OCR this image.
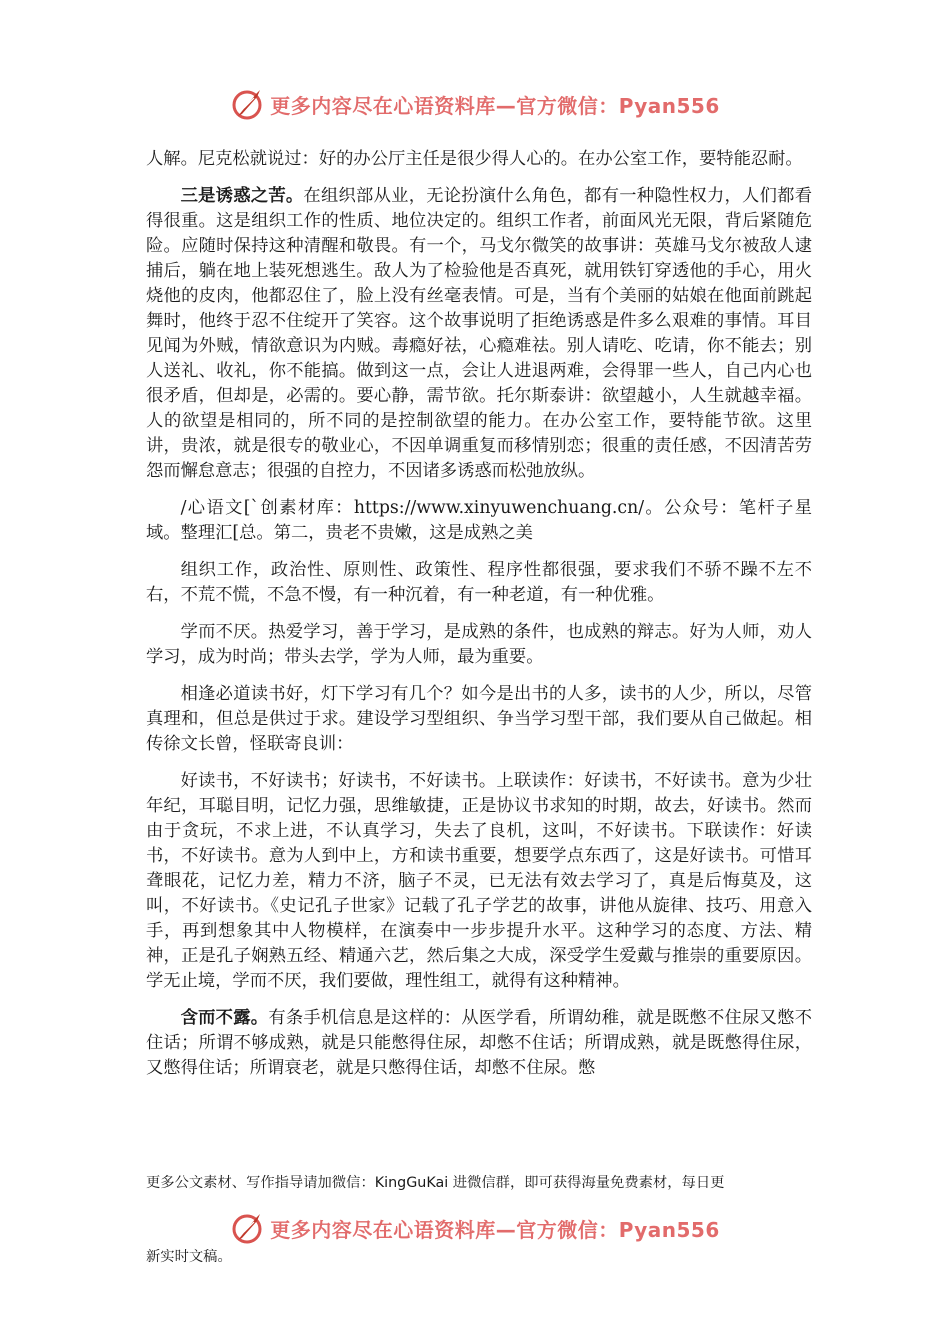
更多内容尽在心语资料库—官方微信：Pyan556

人解。尼克松就说过：好的办公厅主任是很少得人心的。在办公室工作，要特能忍耐。

三是诱惑之苦。在组织部从业，无论扮演什么角色，都有一种隐性权力，人们都看得很重。这是组织工作的性质、地位决定的。组织工作者，前面风光无限，背后紧随危险。应随时保持这种清醒和敬畏。有一个，马戈尔微笑的故事讲：英雄马戈尔被敌人逮捕后，躺在地上装死想逃生。敌人为了检验他是否真死，就用铁钉穿透他的手心，用火烧他的皮肉，他都忍住了，脸上没有丝毫表情。可是，当有个美丽的姑娘在他面前跳起舞时，他终于忍不住绽开了笑容。这个故事说明了拒绝诱惑是件多么艰难的事情。耳目见闻为外贼，情欲意识为内贼。毒瘾好祛，心瘾难祛。别人请吃、吃请，你不能去；别人送礼、收礼，你不能搞。做到这一点，会让人进退两难，会得罪一些人，自己内心也很矛盾，但却是，必需的。要心静，需节欲。托尔斯泰讲：欲望越小，人生就越幸福。人的欲望是相同的，所不同的是控制欲望的能力。在办公室工作，要特能节欲。这里讲，贵浓，就是很专的敬业心，不因单调重复而移情别恋；很重的责任感，不因清苦劳怨而懈怠意志；很强的自控力，不因诸多诱惑而松弛放纵。

/心语文[`创素材库：https://www.xinyuwenchuang.cn/。公众号：笔杆子星域。整理汇[总。第二，贵老不贵嫩，这是成熟之美

组织工作，政治性、原则性、政策性、程序性都很强，要求我们不骄不躁不左不右，不荒不慌，不急不慢，有一种沉着，有一种老道，有一种优雅。

学而不厌。热爱学习，善于学习，是成熟的条件，也成熟的辩志。好为人师，劝人学习，成为时尚；带头去学，学为人师，最为重要。

相逢必道读书好，灯下学习有几个？如今是出书的人多，读书的人少，所以，尽管真理和，但总是供过于求。建设学习型组织、争当学习型干部，我们要从自己做起。相传徐文长曾，怪联寄良训：

好读书，不好读书；好读书，不好读书。上联读作：好读书，不好读书。意为少壮年纪，耳聪目明，记忆力强，思维敏捷，正是协议书求知的时期，故去，好读书。然而由于贪玩，不求上进，不认真学习，失去了良机，这叫，不好读书。下联读作：好读书，不好读书。意为人到中上，方和读书重要，想要学点东西了，这是好读书。可惜耳聋眼花，记忆力差，精力不济，脑子不灵，已无法有效去学习了，真是后悔莫及，这叫，不好读书。《史记孔子世家》记载了孔子学艺的故事，讲他从旋律、技巧、用意入手，再到想象其中人物模样，在演奏中一步步提升水平。这种学习的态度、方法、精神，正是孔子娴熟五经、精通六艺，然后集之大成，深受学生爱戴与推崇的重要原因。学无止境，学而不厌，我们要做，理性组工，就得有这种精神。

含而不露。有条手机信息是这样的：从医学看，所谓幼稚，就是既憋不住尿又憋不住话；所谓不够成熟，就是只能憋得住尿，却憋不住话；所谓成熟，就是既憋得住尿，又憋得住话；所谓衰老，就是只憋得住话，却憋不住尿。憋

更多公文素材、写作指导请加微信：KingGuKai 进微信群，即可获得海量免费素材，每日更
更多内容尽在心语资料库—官方微信：Pyan556
新实时文稿。
